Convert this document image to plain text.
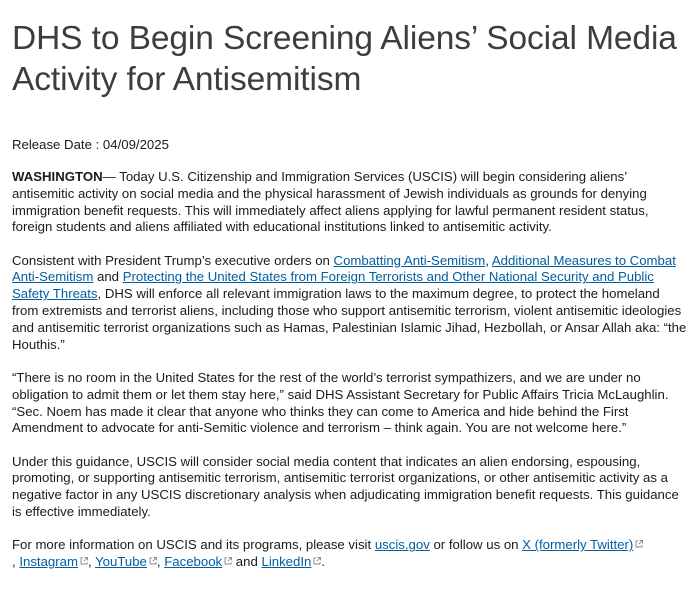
DHS to Begin Screening Aliens’ Social Media Activity for Antisemitism
Release Date : 04/09/2025

WASHINGTON— Today U.S. Citizenship and Immigration Services (USCIS) will begin considering aliens’ antisemitic activity on social media and the physical harassment of Jewish individuals as grounds for denying immigration benefit requests. This will immediately affect aliens applying for lawful permanent resident status, foreign students and aliens affiliated with educational institutions linked to antisemitic activity.

Consistent with President Trump’s executive orders on Combatting Anti-Semitism, Additional Measures to Combat Anti-Semitism and Protecting the United States from Foreign Terrorists and Other National Security and Public Safety Threats, DHS will enforce all relevant immigration laws to the maximum degree, to protect the homeland from extremists and terrorist aliens, including those who support antisemitic terrorism, violent antisemitic ideologies and antisemitic terrorist organizations such as Hamas, Palestinian Islamic Jihad, Hezbollah, or Ansar Allah aka: “the Houthis.”

“There is no room in the United States for the rest of the world’s terrorist sympathizers, and we are under no obligation to admit them or let them stay here,” said DHS Assistant Secretary for Public Affairs Tricia McLaughlin. “Sec. Noem has made it clear that anyone who thinks they can come to America and hide behind the First Amendment to advocate for anti-Semitic violence and terrorism – think again. You are not welcome here.”

Under this guidance, USCIS will consider social media content that indicates an alien endorsing, espousing, promoting, or supporting antisemitic terrorism, antisemitic terrorist organizations, or other antisemitic activity as a negative factor in any USCIS discretionary analysis when adjudicating immigration benefit requests. This guidance is effective immediately.

For more information on USCIS and its programs, please visit uscis.gov or follow us on X (formerly Twitter)

, Instagram , YouTube , Facebook
and LinkedIn .
